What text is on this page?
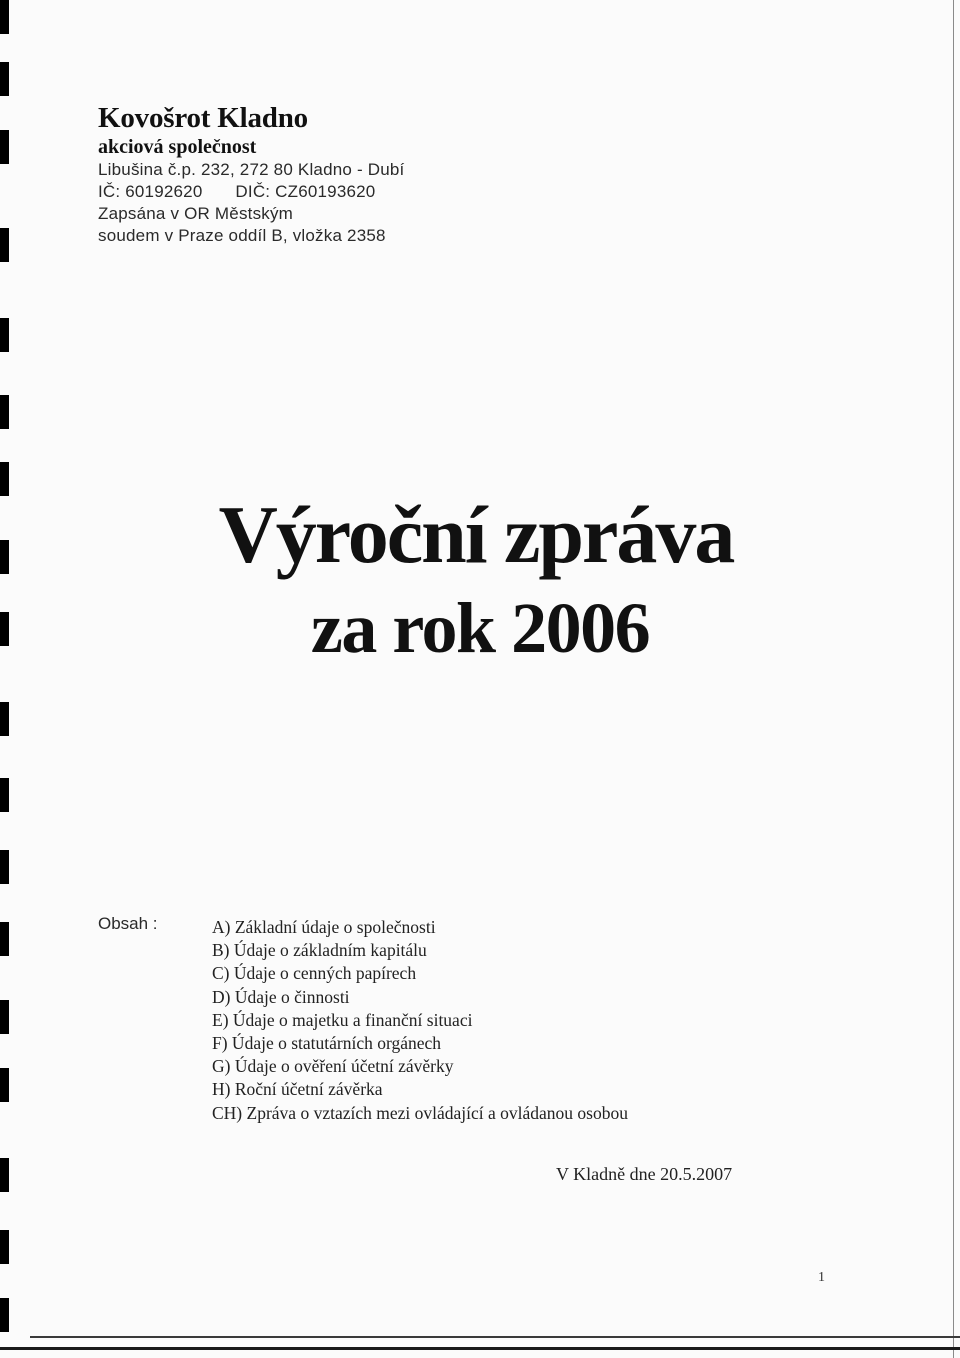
Kovošrot Kladno
akciová společnost
Libušina č.p. 232, 272 80 Kladno - Dubí
IČ: 60192620 DIČ: CZ60193620
Zapsána v OR Městským
soudem v Praze oddíl B, vložka 2358
Výroční zpráva
za rok 2006
Obsah :	A) Základní údaje o společnosti
B) Údaje o základním kapitálu
C) Údaje o cenných papírech
D) Údaje o činnosti
E) Údaje o majetku a finanční situaci
F) Údaje o statutárních orgánech
G) Údaje o ověření účetní závěrky
H) Roční účetní závěrka
CH) Zpráva o vztazích mezi ovládající a ovládanou osobou
V Kladně dne 20.5.2007
1
